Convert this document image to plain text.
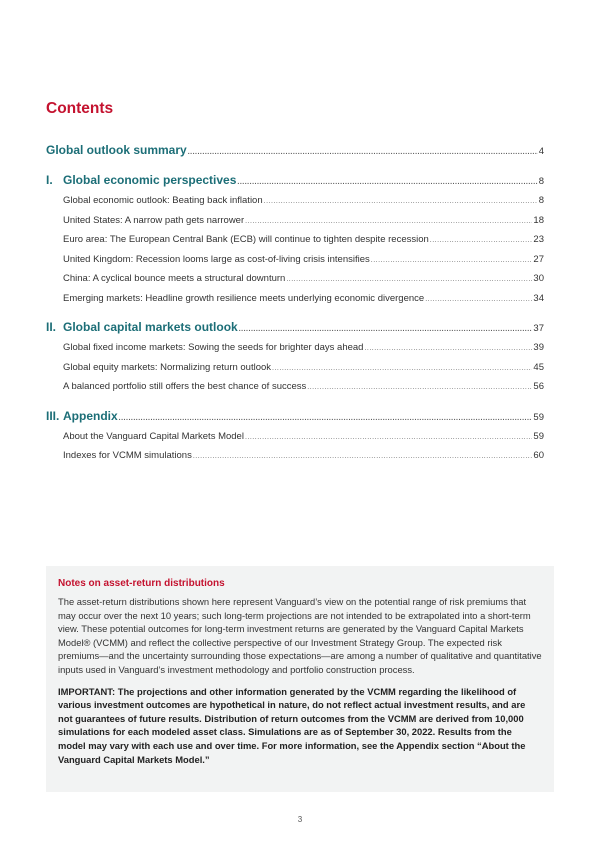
Contents
Global outlook summary .....	4
I. Global economic perspectives .....	8
Global economic outlook: Beating back inflation .....	8
United States: A narrow path gets narrower .....	18
Euro area: The European Central Bank (ECB) will continue to tighten despite recession .....	23
United Kingdom: Recession looms large as cost-of-living crisis intensifies .....	27
China: A cyclical bounce meets a structural downturn .....	30
Emerging markets: Headline growth resilience meets underlying economic divergence .....	34
II. Global capital markets outlook .....	37
Global fixed income markets: Sowing the seeds for brighter days ahead .....	39
Global equity markets: Normalizing return outlook .....	45
A balanced portfolio still offers the best chance of success .....	56
III. Appendix .....	59
About the Vanguard Capital Markets Model .....	59
Indexes for VCMM simulations .....	60
Notes on asset-return distributions

The asset-return distributions shown here represent Vanguard’s view on the potential range of risk premiums that may occur over the next 10 years; such long-term projections are not intended to be extrapolated into a short-term view. These potential outcomes for long-term investment returns are generated by the Vanguard Capital Markets Model® (VCMM) and reflect the collective perspective of our Investment Strategy Group. The expected risk premiums—and the uncertainty surrounding those expectations—are among a number of qualitative and quantitative inputs used in Vanguard’s investment methodology and portfolio construction process.

IMPORTANT: The projections and other information generated by the VCMM regarding the likelihood of various investment outcomes are hypothetical in nature, do not reflect actual investment results, and are not guarantees of future results. Distribution of return outcomes from the VCMM are derived from 10,000 simulations for each modeled asset class. Simulations are as of September 30, 2022. Results from the model may vary with each use and over time. For more information, see the Appendix section “About the Vanguard Capital Markets Model.”

3
